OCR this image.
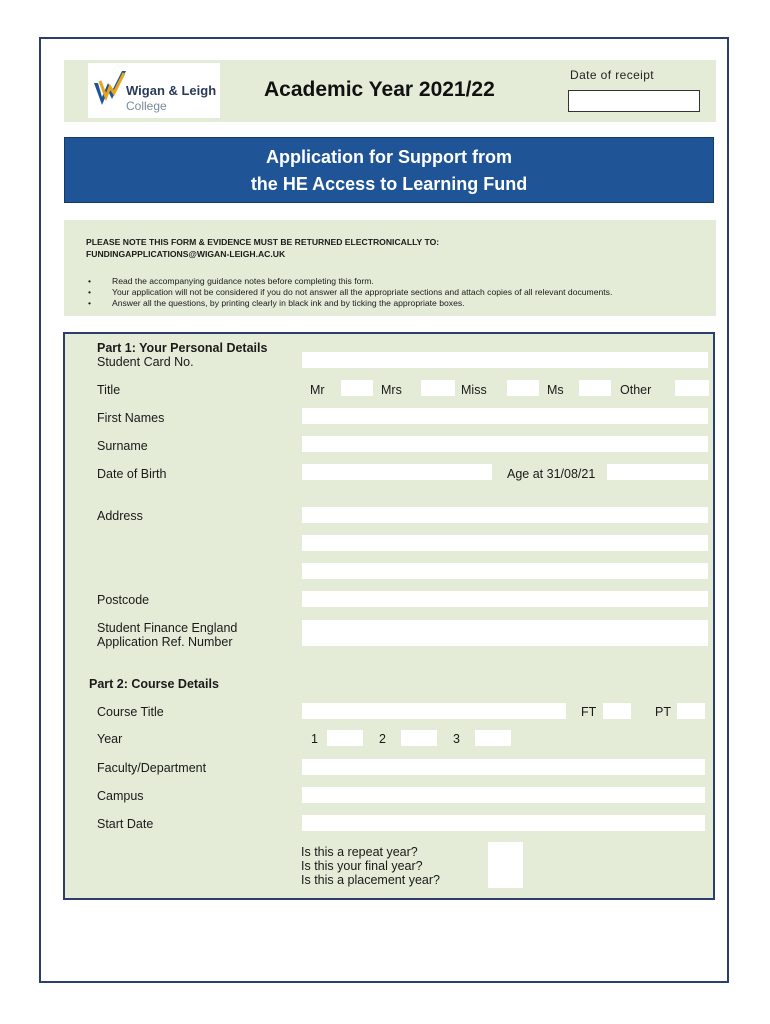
Wigan & Leigh
College
Academic Year 2021/22
Date of receipt
Application for Support from
the HE Access to Learning Fund
PLEASE NOTE THIS FORM & EVIDENCE MUST BE RETURNED ELECTRONICALLY TO:
FUNDINGAPPLICATIONS@WIGAN-LEIGH.AC.UK
• Read the accompanying guidance notes before completing this form.
• Your application will not be considered if you do not answer all the appropriate sections and attach copies of all relevant documents.
• Answer all the questions, by printing clearly in black ink and by ticking the appropriate boxes.
Part 1: Your Personal Details
Student Card No.
Title	Mr	Mrs	Miss	Ms	Other
First Names
Surname
Date of Birth	Age at 31/08/21
Address
Postcode
Student Finance England
Application Ref. Number
Part 2: Course Details
Course Title	FT	PT
Year	1	2	3
Faculty/Department
Campus
Start Date
Is this a repeat year?
Is this your final year?
Is this a placement year?
